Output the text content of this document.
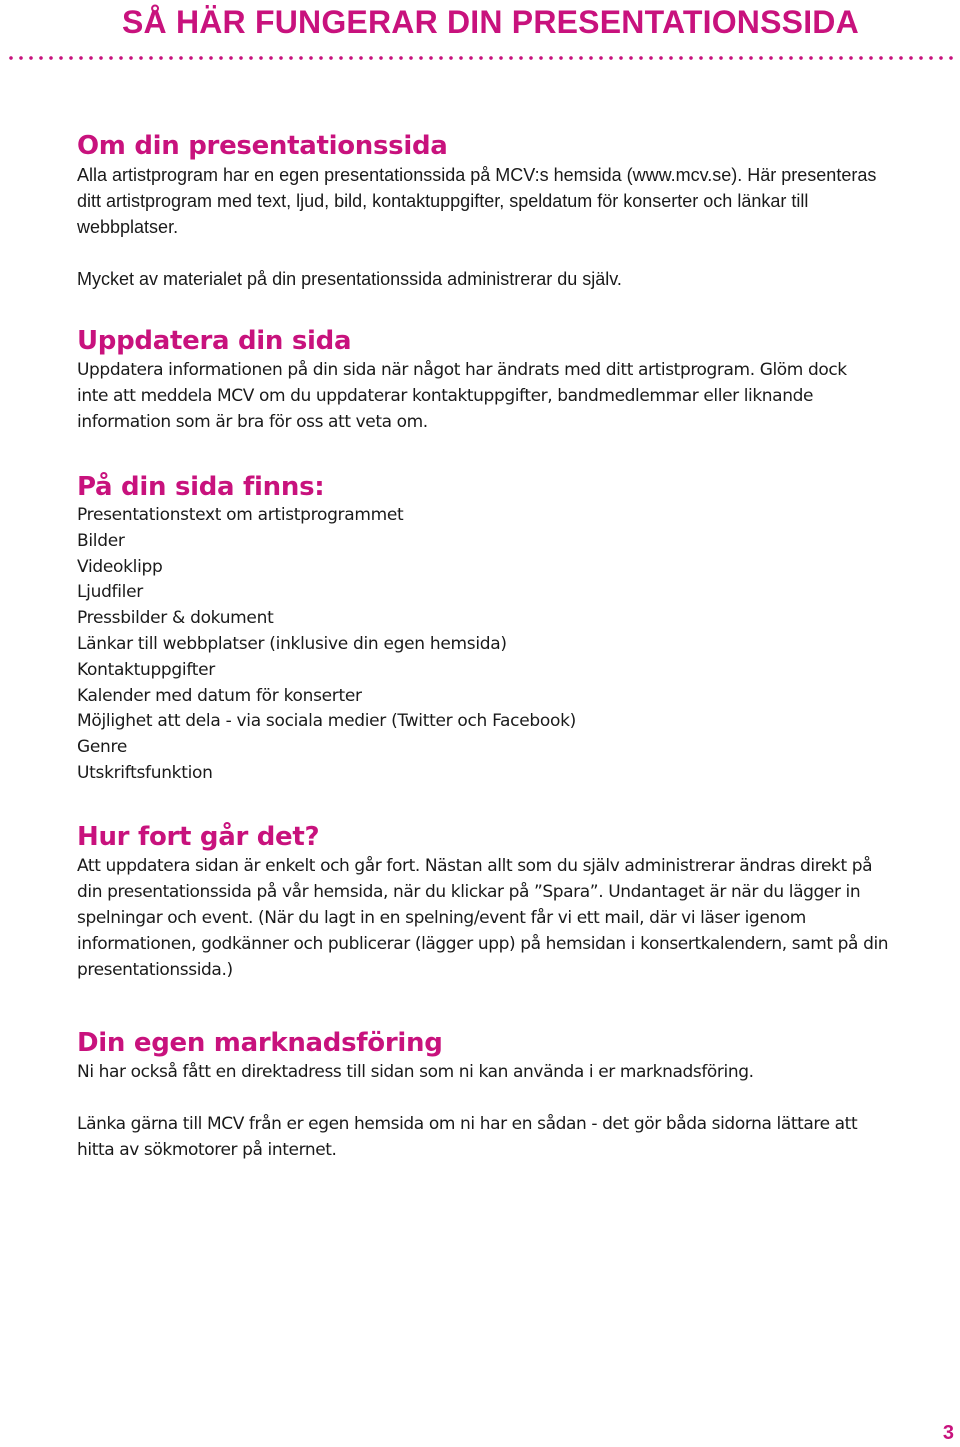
SÅ HÄR FUNGERAR DIN PRESENTATIONSSIDA
Om din presentationssida

Alla artistprogram har en egen presentationssida på MCV:s hemsida (www.mcv.se). Här presenteras ditt artistprogram med text, ljud, bild, kontaktuppgifter, speldatum för konserter och länkar till webbplatser.

Mycket av materialet på din presentationssida administrerar du själv.

Uppdatera din sida

Uppdatera informationen på din sida när något har ändrats med ditt artistprogram. Glöm dock inte att meddela MCV om du uppdaterar kontaktuppgifter, bandmedlemmar eller liknande information som är bra för oss att veta om.

På din sida finns:
Presentationstext om artistprogrammet
Bilder
Videoklipp
Ljudfiler
Pressbilder & dokument
Länkar till webbplatser (inklusive din egen hemsida)
Kontaktuppgifter
Kalender med datum för konserter
Möjlighet att dela - via sociala medier (Twitter och Facebook)
Genre
Utskriftsfunktion
Hur fort går det?

Att uppdatera sidan är enkelt och går fort. Nästan allt som du själv administrerar ändras direkt på din presentationssida på vår hemsida, när du klickar på ”Spara”. Undantaget är när du lägger in spelningar och event. (När du lagt in en spelning/event får vi ett mail, där vi läser igenom informationen, godkänner och publicerar (lägger upp) på hemsidan i konsertkalendern, samt på din presentationssida.)

Din egen marknadsföring

Ni har också fått en direktadress till sidan som ni kan använda i er marknadsföring.

Länka gärna till MCV från er egen hemsida om ni har en sådan - det gör båda sidorna lättare att hitta av sökmotorer på internet.

3
